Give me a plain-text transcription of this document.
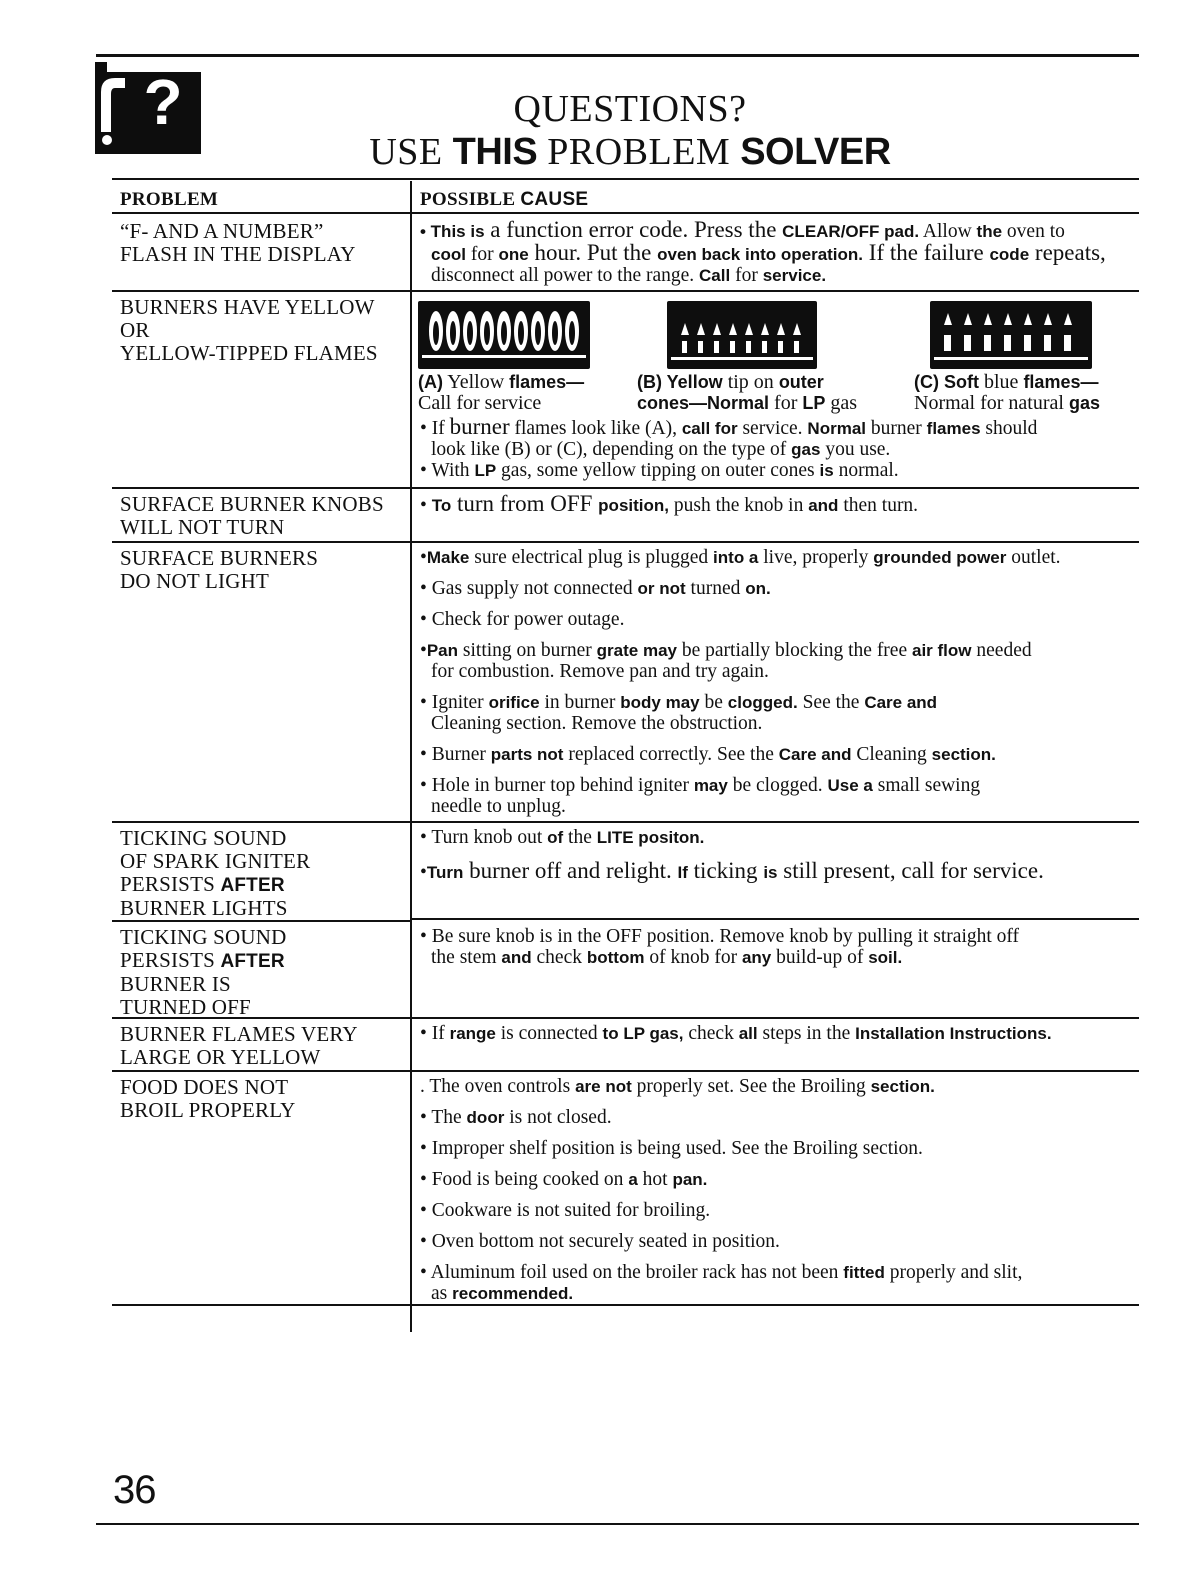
?	QUESTIONS?
USE THIS PROBLEM SOLVER
PROBLEM	POSSIBLE CAUSE
“F- AND A NUMBER”
FLASH IN THE DISPLAY
• This is a function error code. Press the CLEAR/OFF pad. Allow the oven to
cool for one hour. Put the oven back into operation. If the failure code repeats,
disconnect all power to the range. Call for service.
BURNERS HAVE YELLOW OR
YELLOW-TIPPED FLAMES
(A) Yellow flames—
Call for service
(B) Yellow tip on outer
cones—Normal for LP gas
(C) Soft blue flames—
Normal for natural gas
• If burner flames look like (A), call for service. Normal burner flames should
look like (B) or (C), depending on the type of gas you use.
• With LP gas, some yellow tipping on outer cones is normal.
SURFACE BURNER KNOBS
WILL NOT TURN
• To turn from OFF position, push the knob in and then turn.
SURFACE BURNERS
DO NOT LIGHT
•Make sure electrical plug is plugged into a live, properly grounded power outlet.
• Gas supply not connected or not turned on.
• Check for power outage.
•Pan sitting on burner grate may be partially blocking the free air flow needed
for combustion. Remove pan and try again.
• Igniter orifice in burner body may be clogged. See the Care and
Cleaning section. Remove the obstruction.
• Burner parts not replaced correctly. See the Care and Cleaning section.
• Hole in burner top behind igniter may be clogged. Use a small sewing
needle to unplug.
TICKING SOUND
OF SPARK IGNITER
PERSISTS AFTER
BURNER LIGHTS
• Turn knob out of the LITE positon.
•Turn burner off and relight. If ticking is still present, call for service.
TICKING SOUND
PERSISTS AFTER
BURNER IS
TURNED OFF
• Be sure knob is in the OFF position. Remove knob by pulling it straight off
the stem and check bottom of knob for any build-up of soil.
BURNER FLAMES VERY
LARGE OR YELLOW
• If range is connected to LP gas, check all steps in the Installation Instructions.
FOOD DOES NOT
BROIL PROPERLY
. The oven controls are not properly set. See the Broiling section.
• The door is not closed.
• Improper shelf position is being used. See the Broiling section.
• Food is being cooked on a hot pan.
• Cookware is not suited for broiling.
• Oven bottom not securely seated in position.
• Aluminum foil used on the broiler rack has not been fitted properly and slit,
as recommended.
36
